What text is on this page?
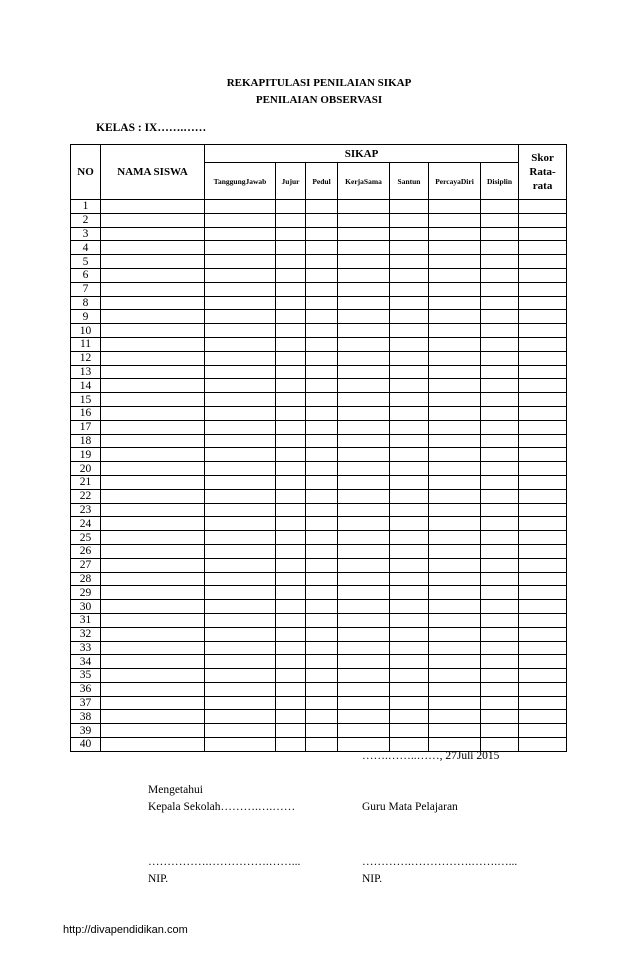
REKAPITULASI PENILAIAN SIKAP
PENILAIAN OBSERVASI
KELAS : IX…….……
NO	NAMA SISWA	SIKAP							Skor
Rata-
rata

		TanggungJawab	Jujur	Pedul	KerjaSama	Santun	PercayaDiri	Disiplin	
1									
2									
3									
4									
5									
6									
7									
8									
9									
10									
11									
12									
13									
14									
15									
16									
17									
18									
19									
20									
21									
22									
23									
24									
25									
26									
27									
28									
29									
30									
31									
32									
33									
34									
35									
36									
37									
38									
39									
40									
…….……..……, 27Juli 2015
Mengetahui
Kepala Sekolah……….….……	Guru Mata Pelajaran
…………….…………….……...	………….…………….…….…...
NIP.	NIP.
http://divapendidikan.com
